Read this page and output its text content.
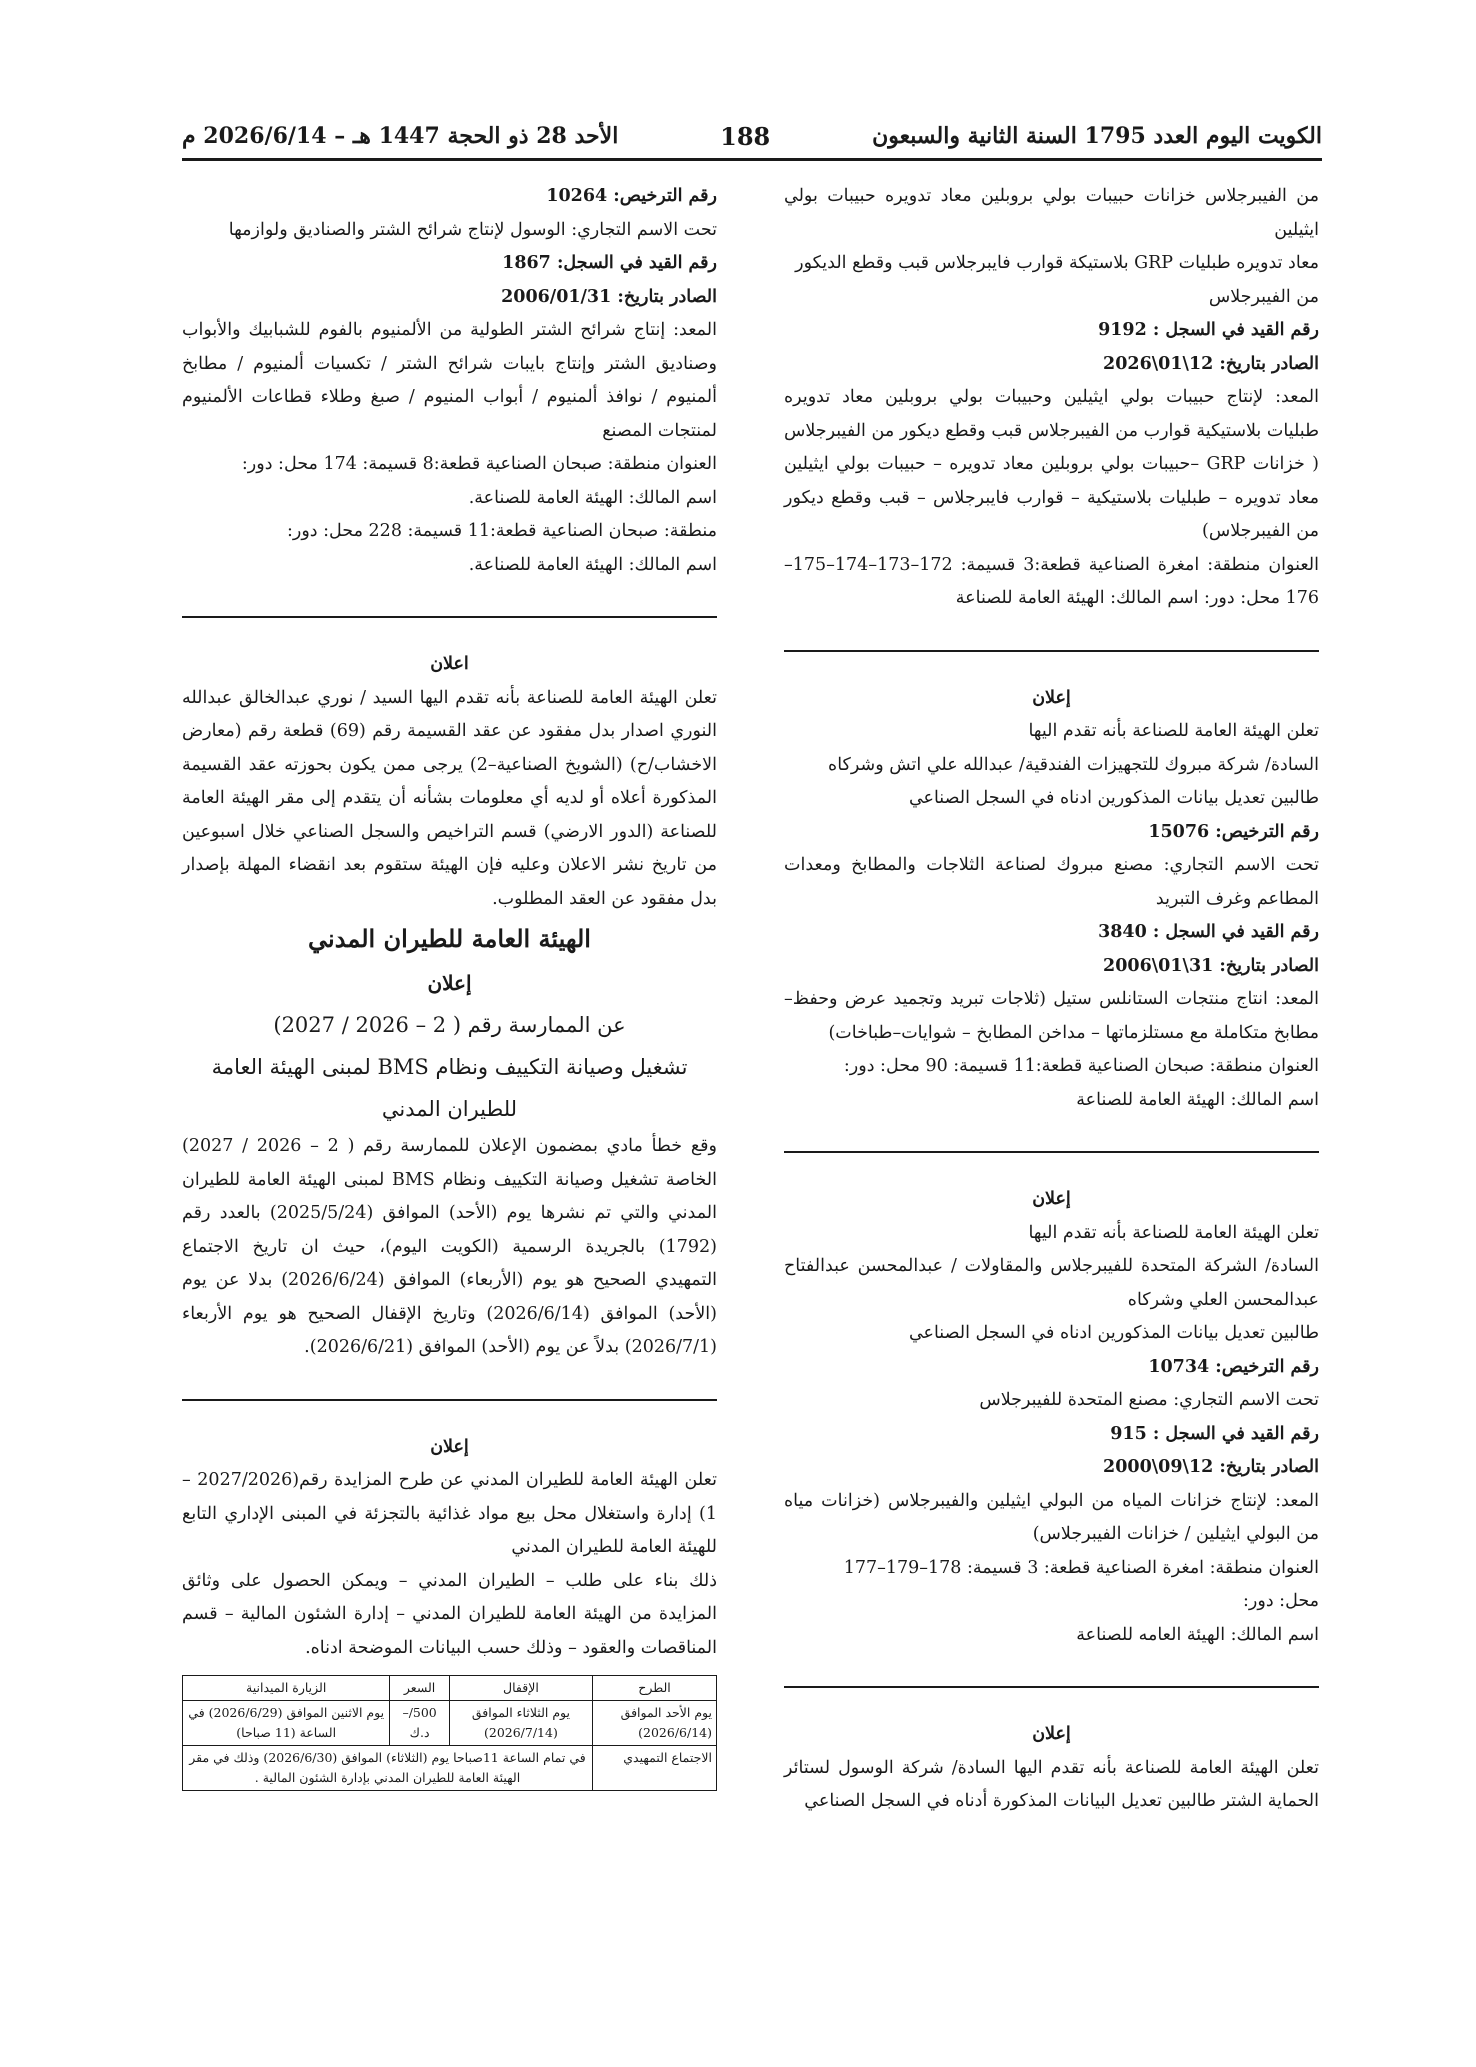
الكويت اليوم العدد 1795 السنة الثانية والسبعون
188
الأحد 28 ذو الحجة 1447 هـ – 2026/6/14 م

من الفيبرجلاس خزانات حبيبات بولي بروبلين معاد تدويره حبيبات بولي ايثيلين

معاد تدويره طبليات GRP بلاستيكة قوارب فايبرجلاس قبب وقطع الديكور

من الفيبرجلاس

رقم القيد في السجل : 9192

الصادر بتاريخ: 12\01\2026

المعد: لإنتاج حبيبات بولي ايثيلين وحبيبات بولي بروبلين معاد تدويره طبليات بلاستيكية قوارب من الفيبرجلاس قبب وقطع ديكور من الفيبرجلاس ( خزانات GRP –حبيبات بولي بروبلين معاد تدويره – حبيبات بولي ايثيلين معاد تدويره – طبليات بلاستيكية – قوارب فايبرجلاس – قبب وقطع ديكور من الفيبرجلاس)

العنوان منطقة: امغرة الصناعية قطعة:3 قسيمة: 172–173–174–175–176 محل: دور: اسم المالك: الهيئة العامة للصناعة

إعلان

تعلن الهيئة العامة للصناعة بأنه تقدم اليها

السادة/ شركة مبروك للتجهيزات الفندقية/ عبدالله علي اتش وشركاه

طالبين تعديل بيانات المذكورين ادناه في السجل الصناعي

رقم الترخيص: 15076

تحت الاسم التجاري: مصنع مبروك لصناعة الثلاجات والمطابخ ومعدات المطاعم وغرف التبريد

رقم القيد في السجل : 3840

الصادر بتاريخ: 31\01\2006

المعد: انتاج منتجات الستانلس ستيل (ثلاجات تبريد وتجميد عرض وحفظ– مطابخ متكاملة مع مستلزماتها – مداخن المطابخ – شوايات–طباخات)

العنوان منطقة: صبحان الصناعية قطعة:11 قسيمة: 90 محل: دور:

اسم المالك: الهيئة العامة للصناعة

إعلان

تعلن الهيئة العامة للصناعة بأنه تقدم اليها

السادة/ الشركة المتحدة للفيبرجلاس والمقاولات / عبدالمحسن عبدالفتاح عبدالمحسن العلي وشركاه

طالبين تعديل بيانات المذكورين ادناه في السجل الصناعي

رقم الترخيص: 10734

تحت الاسم التجاري: مصنع المتحدة للفيبرجلاس

رقم القيد في السجل : 915

الصادر بتاريخ: 12\09\2000

المعد: لإنتاج خزانات المياه من البولي ايثيلين والفيبرجلاس (خزانات مياه من البولي ايثيلين / خزانات الفيبرجلاس)

العنوان منطقة: امغرة الصناعية قطعة: 3 قسيمة: 178–179–177

محل: دور:

اسم المالك: الهيئة العامه للصناعة

إعلان

تعلن الهيئة العامة للصناعة بأنه تقدم اليها السادة/ شركة الوسول لستائر الحماية الشتر طالبين تعديل البيانات المذكورة أدناه في السجل الصناعي

رقم الترخيص: 10264

تحت الاسم التجاري: الوسول لإنتاج شرائح الشتر والصناديق ولوازمها

رقم القيد في السجل: 1867

الصادر بتاريخ: 2006/01/31

المعد: إنتاج شرائح الشتر الطولية من الألمنيوم بالفوم للشبابيك والأبواب وصناديق الشتر وإنتاج بايبات شرائح الشتر / تكسيات ألمنيوم / مطابخ ألمنيوم / نوافذ ألمنيوم / أبواب المنيوم / صبغ وطلاء قطاعات الألمنيوم لمنتجات المصنع

العنوان منطقة: صبحان الصناعية قطعة:8 قسيمة: 174 محل: دور:

اسم المالك: الهيئة العامة للصناعة.

منطقة: صبحان الصناعية قطعة:11 قسيمة: 228 محل: دور:

اسم المالك: الهيئة العامة للصناعة.

اعلان

تعلن الهيئة العامة للصناعة بأنه تقدم اليها السيد / نوري عبدالخالق عبدالله النوري اصدار بدل مفقود عن عقد القسيمة رقم (69) قطعة رقم (معارض الاخشاب/ح) (الشويخ الصناعية–2) يرجى ممن يكون بحوزته عقد القسيمة المذكورة أعلاه أو لديه أي معلومات بشأنه أن يتقدم إلى مقر الهيئة العامة للصناعة (الدور الارضي) قسم التراخيص والسجل الصناعي خلال اسبوعين من تاريخ نشر الاعلان وعليه فإن الهيئة ستقوم بعد انقضاء المهلة بإصدار بدل مفقود عن العقد المطلوب.

الهيئة العامة للطيران المدني

إعلان

عن الممارسة رقم ( 2 – 2026 / 2027)

تشغيل وصيانة التكييف ونظام BMS لمبنى الهيئة العامة للطيران المدني

وقع خطأ مادي بمضمون الإعلان للممارسة رقم ( 2 – 2026 / 2027) الخاصة تشغيل وصيانة التكييف ونظام BMS لمبنى الهيئة العامة للطيران المدني والتي تم نشرها يوم (الأحد) الموافق (2025/5/24) بالعدد رقم (1792) بالجريدة الرسمية (الكويت اليوم)، حيث ان تاريخ الاجتماع التمهيدي الصحيح هو يوم (الأربعاء) الموافق (2026/6/24) بدلا عن يوم (الأحد) الموافق (2026/6/14) وتاريخ الإقفال الصحيح هو يوم الأربعاء (2026/7/1) بدلاً عن يوم (الأحد) الموافق (2026/6/21).

إعلان

تعلن الهيئة العامة للطيران المدني عن طرح المزايدة رقم(2027/2026 –1) إدارة واستغلال محل بيع مواد غذائية بالتجزئة في المبنى الإداري التابع للهيئة العامة للطيران المدني

ذلك بناء على طلب – الطيران المدني – ويمكن الحصول على وثائق المزايدة من الهيئة العامة للطيران المدني – إدارة الشئون المالية – قسم المناقصات والعقود – وذلك حسب البيانات الموضحة ادناه.

الطرح	الإقفال	السعر	الزيارة الميدانية
يوم الأحد الموافق (2026/6/14)	يوم الثلاثاء الموافق (2026/7/14)	500/– د.ك	يوم الاثنين الموافق (2026/6/29) في الساعة (11 صباحا)
الاجتماع التمهيدي	في تمام الساعة 11صباحا يوم (الثلاثاء) الموافق (2026/6/30) وذلك في مقر الهيئة العامة للطيران المدني بإدارة الشئون المالية .		
